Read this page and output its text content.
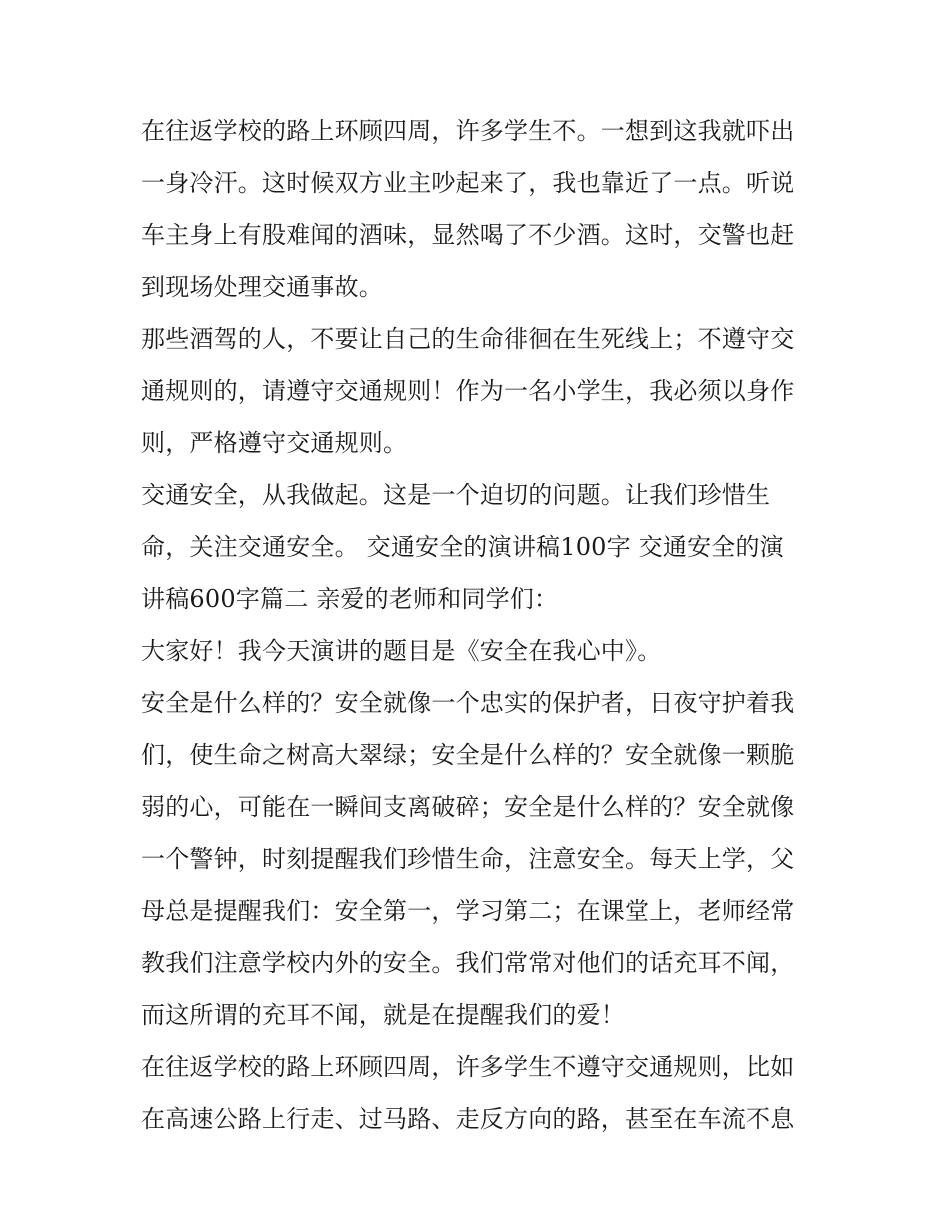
在往返学校的路上环顾四周，许多学生不。一想到这我就吓出
一身冷汗。这时候双方业主吵起来了，我也靠近了一点。听说
车主身上有股难闻的酒味，显然喝了不少酒。这时，交警也赶
到现场处理交通事故。

那些酒驾的人，不要让自己的生命徘徊在生死线上；不遵守交
通规则的，请遵守交通规则！作为一名小学生，我必须以身作
则，严格遵守交通规则。

交通安全，从我做起。这是一个迫切的问题。让我们珍惜生
命，关注交通安全。 交通安全的演讲稿100字 交通安全的演
讲稿600字篇二 亲爱的老师和同学们：

大家好！我今天演讲的题目是《安全在我心中》。

安全是什么样的？安全就像一个忠实的保护者，日夜守护着我
们，使生命之树高大翠绿；安全是什么样的？安全就像一颗脆
弱的心，可能在一瞬间支离破碎；安全是什么样的？安全就像
一个警钟，时刻提醒我们珍惜生命，注意安全。每天上学，父
母总是提醒我们：安全第一，学习第二；在课堂上，老师经常
教我们注意学校内外的安全。我们常常对他们的话充耳不闻，
而这所谓的充耳不闻，就是在提醒我们的爱！

在往返学校的路上环顾四周，许多学生不遵守交通规则，比如
在高速公路上行走、过马路、走反方向的路，甚至在车流不息
